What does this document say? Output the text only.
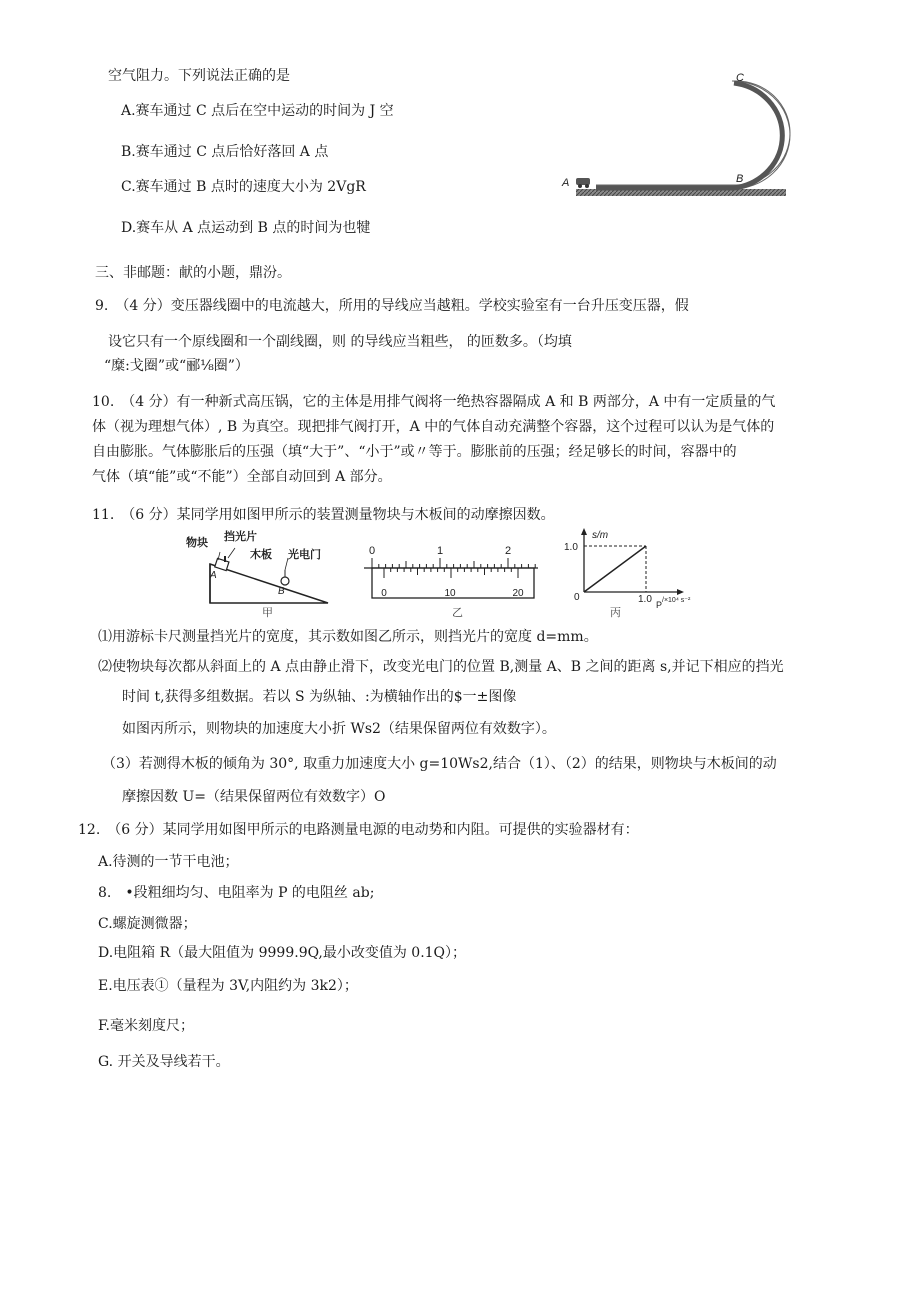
空气阻力。下列说法正确的是
A.赛车通过 C 点后在空中运动的时间为 J 空
B.赛车通过 C 点后恰好落回 A 点
C.赛车通过 B 点时的速度大小为 2VgR
D.赛车从 A 点运动到 B 点的时间为也犍
A	B
C
三、非邮题：献的小题，鼎汾。
9.　（4 分）变压器线圈中的电流越大，所用的导线应当越粗。学校实验室有一台升压变压器，假
设它只有一个原线圈和一个副线圈，则 的导线应当粗些， 的匝数多。（均填
“糜:戈圈”或“郦⅛圈”）
10.　（4 分）有一种新式高压锅，它的主体是用排气阀将一绝热容器隔成 A 和 B 两部分，A 中有一定质量的气
体（视为理想气体）, B 为真空。现把排气阀打开，A 中的气体自动充满整个容器，这个过程可以认为是气体的
自由膨胀。气体膨胀后的压强（填“大于”、“小于”或〃等于。膨胀前的压强；经足够长的时间，容器中的
气体（填“能”或“不能”）全部自动回到 A 部分。
11.　（6 分）某同学用如图甲所示的装置测量物块与木板间的动摩擦因数。
物块 挡光片
木板 光电门
A
B
甲
0	1	2
0	10	20
乙
s/m
1.0
0	1.0 P /×10⁴ s⁻²
丙
⑴用游标卡尺测量挡光片的宽度，其示数如图乙所示，则挡光片的宽度 d=mm。
⑵使物块每次都从斜面上的 A 点由静止滑下，改变光电门的位置 B,测量 A、B 之间的距离 s,并记下相应的挡光
时间 t,获得多组数据。若以 S 为纵轴、:为横轴作出的$一±图像
如图丙所示，则物块的加速度大小折 Ws2（结果保留两位有效数字）。
（3）若测得木板的倾角为 30°, 取重力加速度大小 g=10Ws2,结合（1）、（2）的结果，则物块与木板间的动
摩擦因数 U=（结果保留两位有效数字）O
12.　（6 分）某同学用如图甲所示的电路测量电源的电动势和内阻。可提供的实验器材有：
A.待测的一节干电池；
8.　•段粗细均匀、电阻率为 P 的电阻丝 ab;
C.螺旋测微器；
D.电阻箱 R（最大阻值为 9999.9Q,最小改变值为 0.1Q）；
E.电压表①（量程为 3V,内阻约为 3k2）；
F.毫米刻度尺；
G. 开关及导线若干。
